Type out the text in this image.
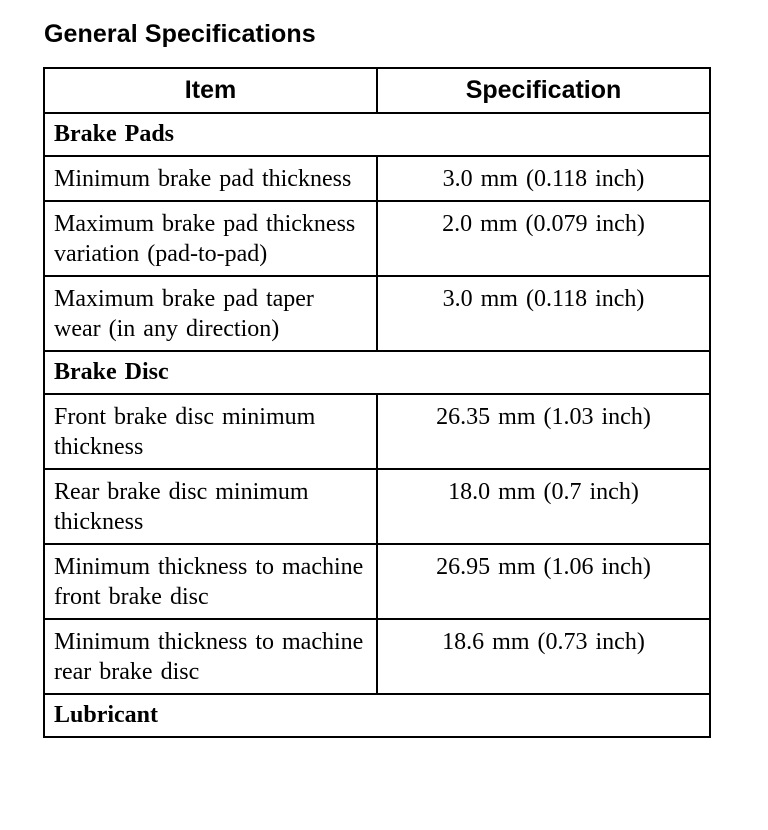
General Specifications
Item	Specification
Brake Pads	
Minimum brake pad thickness	3.0 mm (0.118 inch)
Maximum brake pad thickness variation (pad-to-pad)	2.0 mm (0.079 inch)
Maximum brake pad taper wear (in any direction)	3.0 mm (0.118 inch)
Brake Disc	
Front brake disc minimum thickness	26.35 mm (1.03 inch)
Rear brake disc minimum thickness	18.0 mm (0.7 inch)
Minimum thickness to machine front brake disc	26.95 mm (1.06 inch)
Minimum thickness to machine rear brake disc	18.6 mm (0.73 inch)
Lubricant	
